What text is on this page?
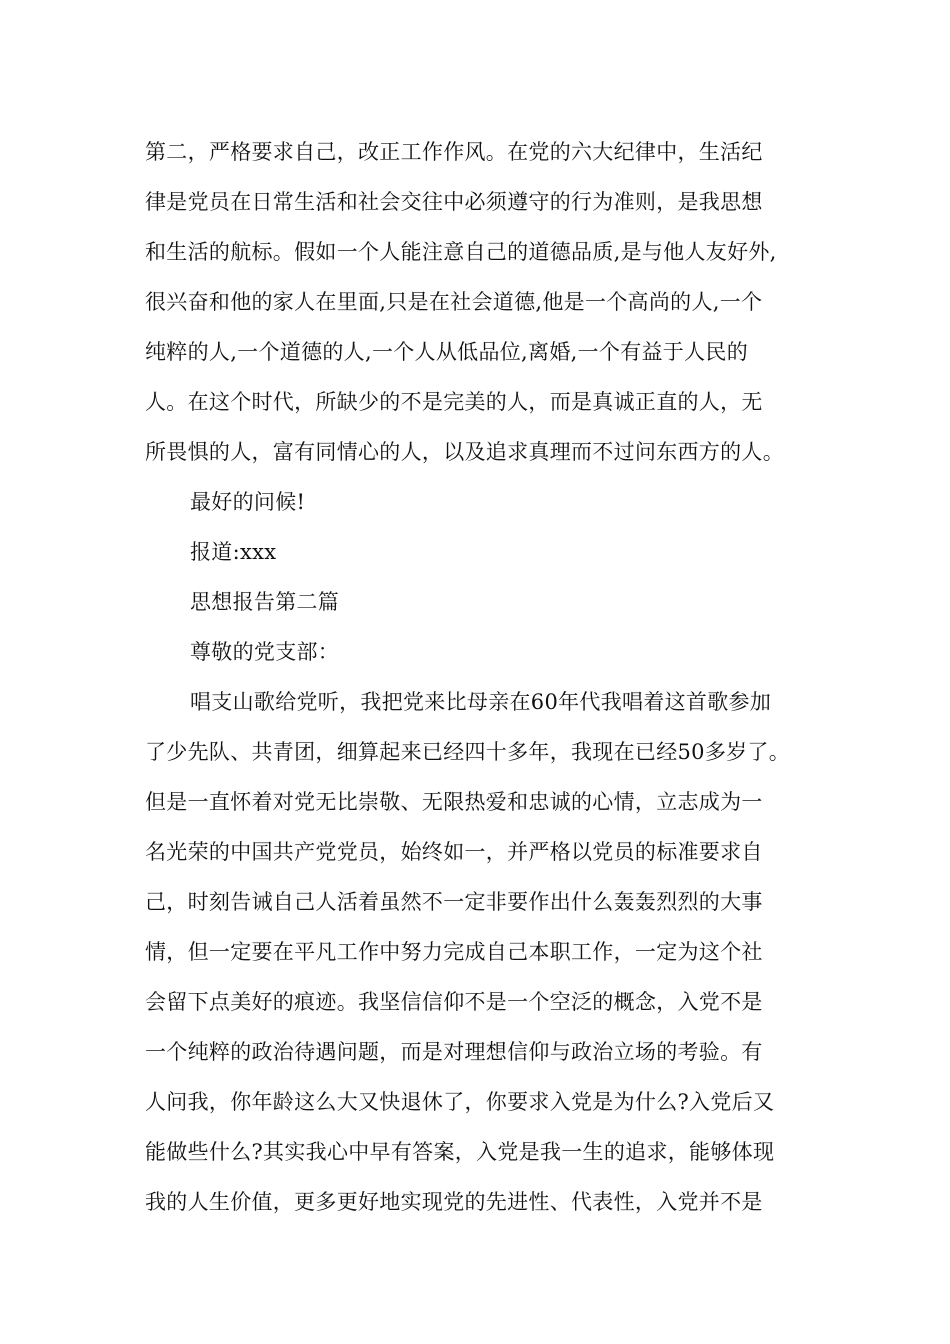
第二，严格要求自己，改正工作作风。在党的六大纪律中，生活纪
律是党员在日常生活和社会交往中必须遵守的行为准则，是我思想
和生活的航标。假如一个人能注意自己的道德品质,是与他人友好外,
很兴奋和他的家人在里面,只是在社会道德,他是一个高尚的人,一个
纯粹的人,一个道德的人,一个人从低品位,离婚,一个有益于人民的
人。在这个时代，所缺少的不是完美的人，而是真诚正直的人，无
所畏惧的人，富有同情心的人，以及追求真理而不过问东西方的人。
最好的问候!
报道:xxx
思想报告第二篇
尊敬的党支部：
唱支山歌给党听，我把党来比母亲在60年代我唱着这首歌参加
了少先队、共青团，细算起来已经四十多年，我现在已经50多岁了。
但是一直怀着对党无比崇敬、无限热爱和忠诚的心情，立志成为一
名光荣的中国共产党党员，始终如一，并严格以党员的标准要求自
己，时刻告诫自己人活着虽然不一定非要作出什么轰轰烈烈的大事
情，但一定要在平凡工作中努力完成自己本职工作，一定为这个社
会留下点美好的痕迹。我坚信信仰不是一个空泛的概念，入党不是
一个纯粹的政治待遇问题，而是对理想信仰与政治立场的考验。有
人问我，你年龄这么大又快退休了，你要求入党是为什么?入党后又
能做些什么?其实我心中早有答案，入党是我一生的追求，能够体现
我的人生价值，更多更好地实现党的先进性、代表性，入党并不是
